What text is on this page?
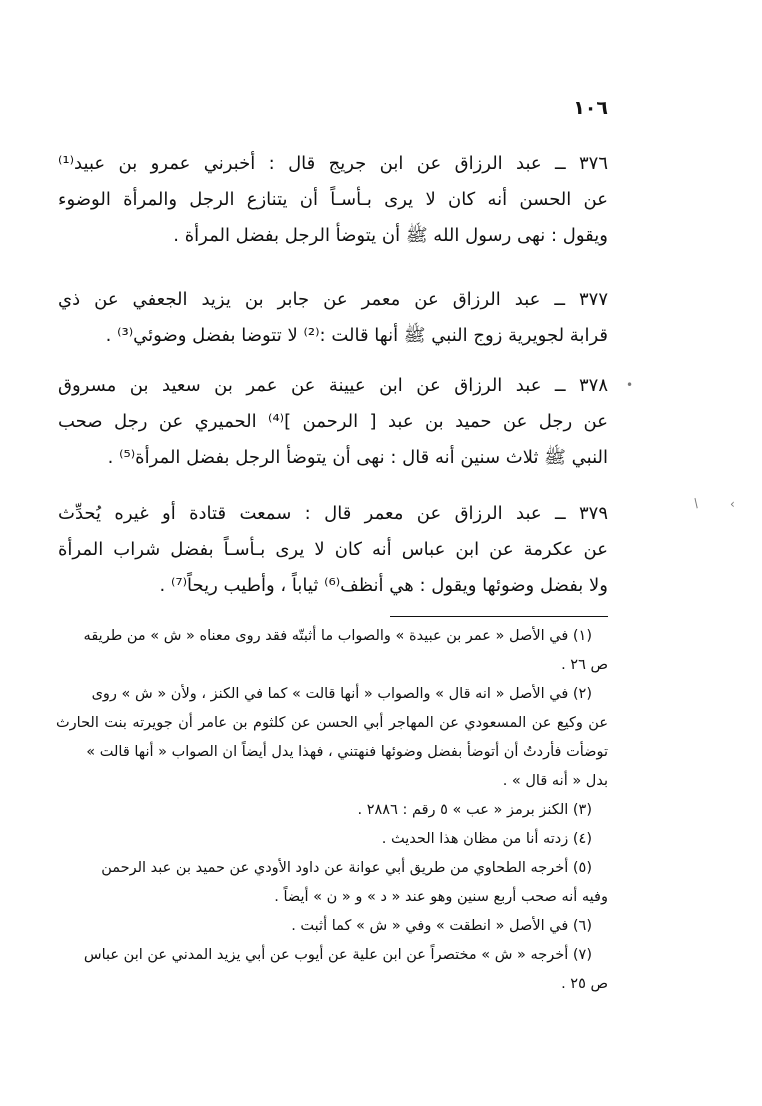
١٠٦
٣٧٦ ــ عبد الرزاق عن ابن جريج قال : أخبرني عمرو بن عبيد⁽¹⁾
عن الحسن أنه كان لا يرى بـأسـاً أن يتنازع الرجل والمرأة الوضوء
ويقول : نهى رسول الله ﷺ أن يتوضأ الرجل بفضل المرأة .
٣٧٧ ــ عبد الرزاق عن معمر عن جابر بن يزيد الجعفي عن ذي
قرابة لجويرية زوج النبي ﷺ أنها قالت :⁽²⁾ لا تتوضا بفضل وضوئي⁽³⁾ .
٣٧٨ ــ عبد الرزاق عن ابن عيينة عن عمر بن سعيد بن مسروق
عن رجل عن حميد بن عبد [ الرحمن ]⁽⁴⁾ الحميري عن رجل صحب
النبي ﷺ ثلاث سنين أنه قال : نهى أن يتوضأ الرجل بفضل المرأة⁽⁵⁾ .
٣٧٩ ــ عبد الرزاق عن معمر قال : سمعت قتادة أو غيره يُحدِّث
عن عكرمة عن ابن عباس أنه كان لا يرى بـأسـاً بفضل شراب المرأة
ولا بفضل وضوئها ويقول : هي أنظف⁽⁶⁾ ثياباً ، وأطيب ريحاً⁽⁷⁾ .
(١) في الأصل « عمر بن عبيدة » والصواب ما أثبتّه فقد روى معناه « ش » من طريقه
ص ٢٦ .
(٢) في الأصل « انه قال » والصواب « أنها قالت » كما في الكنز ، ولأن « ش » روى
عن وكيع عن المسعودي عن المهاجر أبي الحسن عن كلثوم بن عامر أن جويرته بنت الحارث
توضأت فأردتُ أن أتوضأ بفضل وضوئها فنهتني ، فهذا يدل أيضاً ان الصواب « أنها قالت »
بدل « أنه قال » .
(٣) الكنز برمز « عب » ٥ رقم : ٢٨٨٦ .
(٤) زدته أنا من مظان هذا الحديث .
(٥) أخرجه الطحاوي من طريق أبي عوانة عن داود الأودي عن حميد بن عبد الرحمن
وفيه أنه صحب أربع سنين وهو عند « د » و « ن » أيضاً .
(٦) في الأصل « انطقت » وفي « ش » كما أثبت .
(٧) أخرجه « ش » مختصراً عن ابن علية عن أيوب عن أبي يزيد المدني عن ابن عباس
ص ٢٥ .
•
/ ›
